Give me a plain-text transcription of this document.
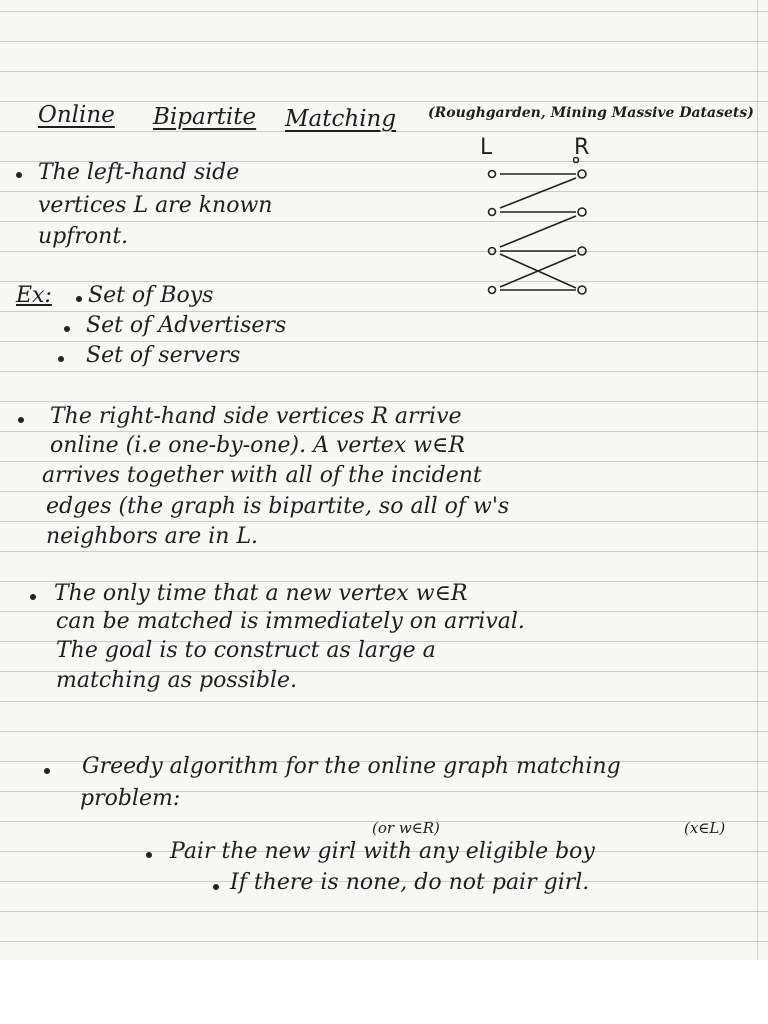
Online Bipartite Matching (Roughgarden, Mining Massive Datasets)
L	R
The left-hand side
vertices L are known
upfront.
Ex: Set of Boys
Set of Advertisers
Set of servers
The right-hand side vertices R arrive
online (i.e one-by-one). A vertex w∈R
arrives together with all of the incident
edges (the graph is bipartite, so all of w's
neighbors are in L.
The only time that a new vertex w∈R
can be matched is immediately on arrival.
The goal is to construct as large a
matching as possible.
Greedy algorithm for the online graph matching
problem:
(or w∈R)	(x∈L)
Pair the new girl with any eligible boy
If there is none, do not pair girl.
